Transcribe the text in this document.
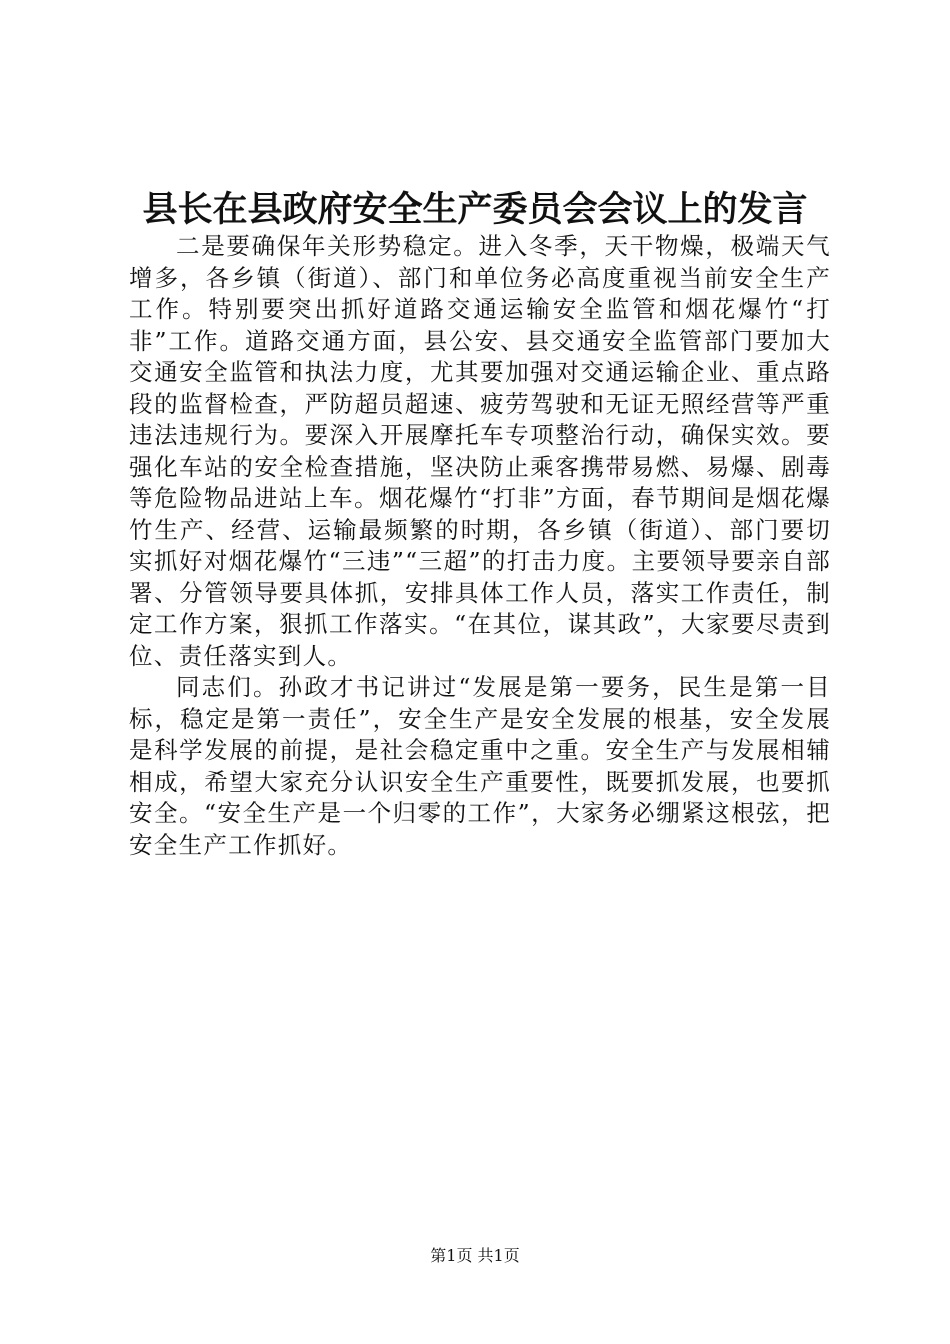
县长在县政府安全生产委员会会议上的发言

二是要确保年关形势稳定。进入冬季，天干物燥，极端天气增多，各乡镇（街道）、部门和单位务必高度重视当前安全生产工作。特别要突出抓好道路交通运输安全监管和烟花爆竹“打非”工作。道路交通方面，县公安、县交通安全监管部门要加大交通安全监管和执法力度，尤其要加强对交通运输企业、重点路段的监督检查，严防超员超速、疲劳驾驶和无证无照经营等严重违法违规行为。要深入开展摩托车专项整治行动，确保实效。要强化车站的安全检查措施，坚决防止乘客携带易燃、易爆、剧毒等危险物品进站上车。烟花爆竹“打非”方面，春节期间是烟花爆竹生产、经营、运输最频繁的时期，各乡镇（街道）、部门要切实抓好对烟花爆竹“三违”“三超”的打击力度。主要领导要亲自部署、分管领导要具体抓，安排具体工作人员，落实工作责任，制定工作方案，狠抓工作落实。“在其位，谋其政”，大家要尽责到位、责任落实到人。

同志们。孙政才书记讲过“发展是第一要务，民生是第一目标，稳定是第一责任”，安全生产是安全发展的根基，安全发展是科学发展的前提，是社会稳定重中之重。安全生产与发展相辅相成，希望大家充分认识安全生产重要性，既要抓发展，也要抓安全。“安全生产是一个归零的工作”，大家务必绷紧这根弦，把安全生产工作抓好。

第1页 共1页
